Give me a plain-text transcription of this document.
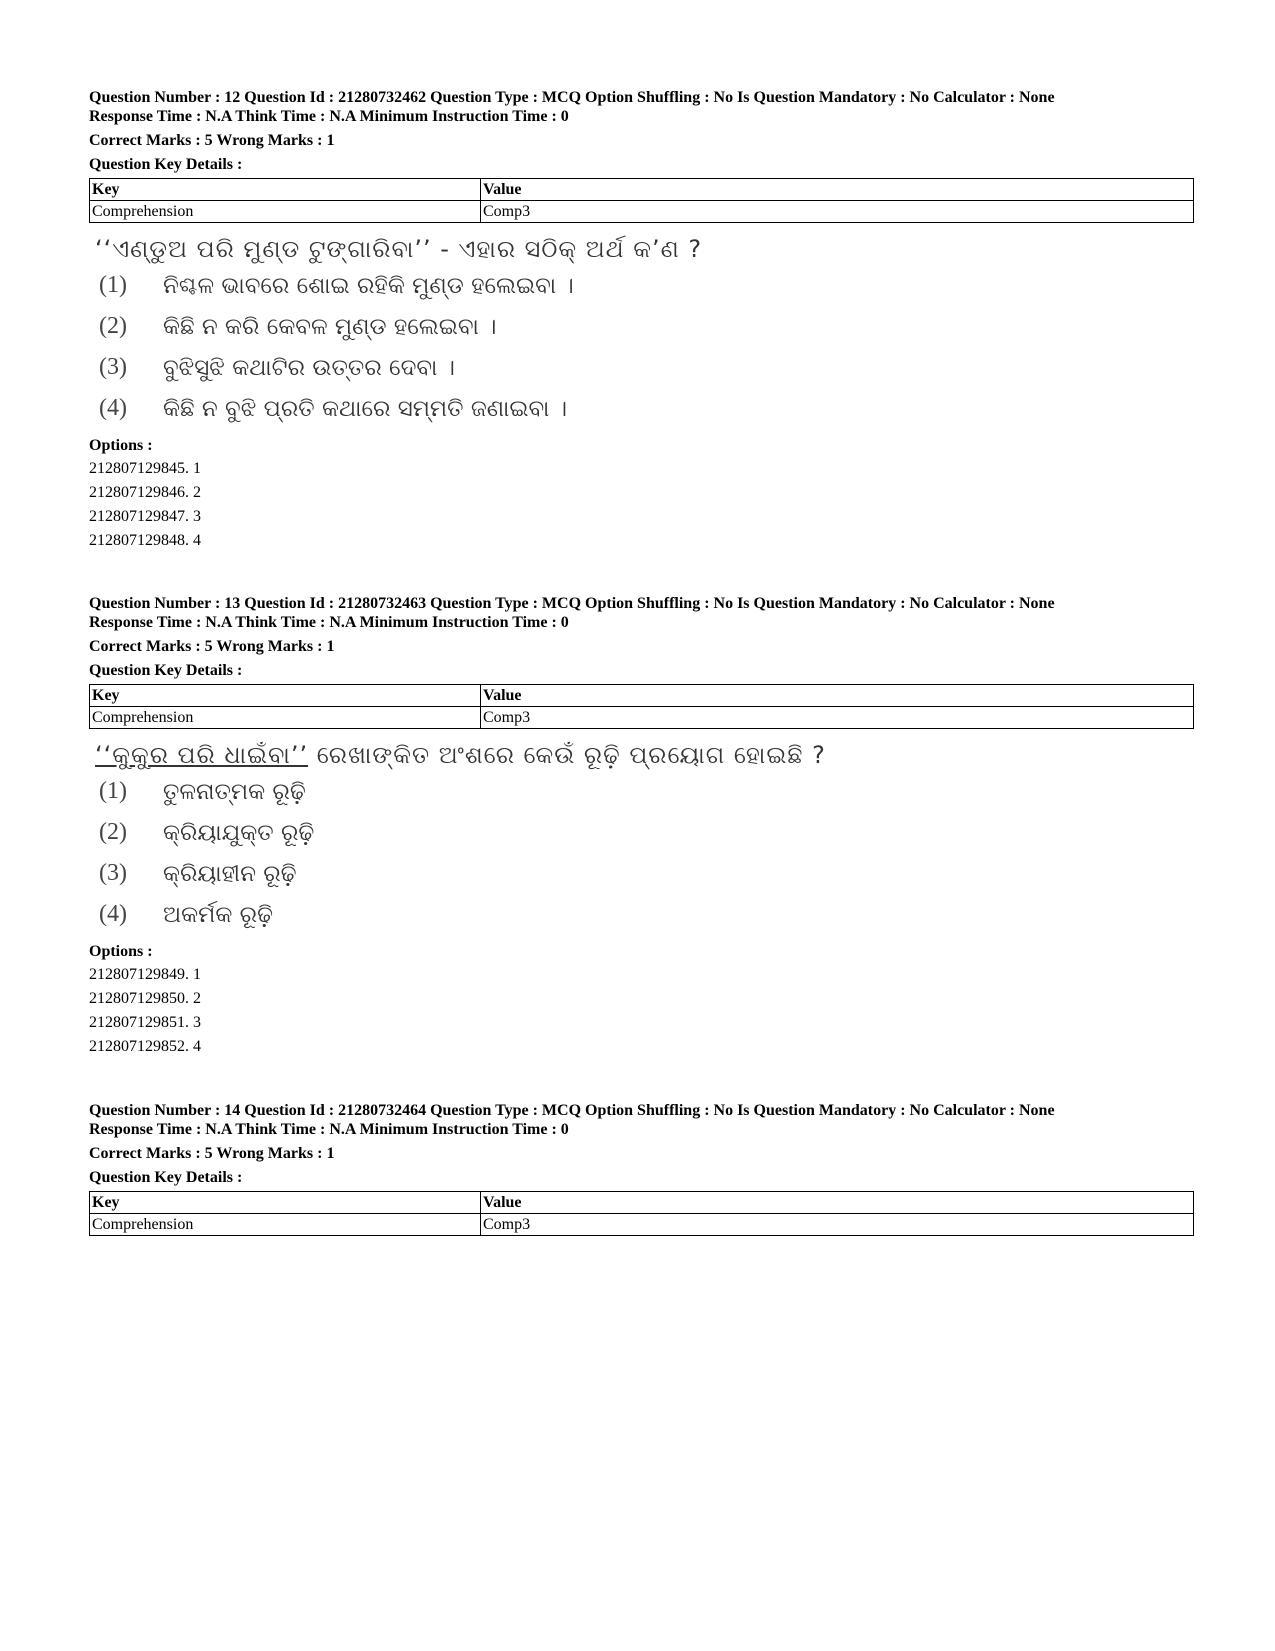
Question Number : 12 Question Id : 21280732462 Question Type : MCQ Option Shuffling : No Is Question Mandatory : No Calculator : None
Response Time : N.A Think Time : N.A Minimum Instruction Time : 0
Correct Marks : 5 Wrong Marks : 1
Question Key Details :
Key	Value
Comprehension	Comp3
‘‘ଏଣ୍ଡୁଅ ପରି ମୁଣ୍ଡ ଟୁଙ୍ଗାରିବା’’ - ଏହାର ସଠିକ୍ ଅର୍ଥ କ’ଣ ?
(1)	ନିଶ୍ଚଳ ଭାବରେ ଶୋଇ ରହିକି ମୁଣ୍ଡ ହଲେଇବା ।
(2)	କିଛି ନ କରି କେବଳ ମୁଣ୍ଡ ହଲେଇବା ।
(3)	ବୁଝିସୁଝି କଥାଟିର ଉତ୍ତର ଦେବା ।
(4)	କିଛି ନ ବୁଝି ପ୍ରତି କଥାରେ ସମ୍ମତି ଜଣାଇବା ।
Options :
212807129845. 1
212807129846. 2
212807129847. 3
212807129848. 4
Question Number : 13 Question Id : 21280732463 Question Type : MCQ Option Shuffling : No Is Question Mandatory : No Calculator : None
Response Time : N.A Think Time : N.A Minimum Instruction Time : 0
Correct Marks : 5 Wrong Marks : 1
Question Key Details :
Key	Value
Comprehension	Comp3
‘‘କୁକୁର ପରି ଧାଇଁବା’’ ରେଖାଙ୍କିତ ଅଂଶରେ କେଉଁ ରୂଢ଼ି ପ୍ରୟୋଗ ହୋଇଛି ?
(1)	ତୁଳନାତ୍ମକ ରୂଢ଼ି
(2)	କ୍ରିୟାଯୁକ୍ତ ରୂଢ଼ି
(3)	କ୍ରିୟାହୀନ ରୂଢ଼ି
(4)	ଅକର୍ମକ ରୂଢ଼ି
Options :
212807129849. 1
212807129850. 2
212807129851. 3
212807129852. 4
Question Number : 14 Question Id : 21280732464 Question Type : MCQ Option Shuffling : No Is Question Mandatory : No Calculator : None
Response Time : N.A Think Time : N.A Minimum Instruction Time : 0
Correct Marks : 5 Wrong Marks : 1
Question Key Details :
Key	Value
Comprehension	Comp3
